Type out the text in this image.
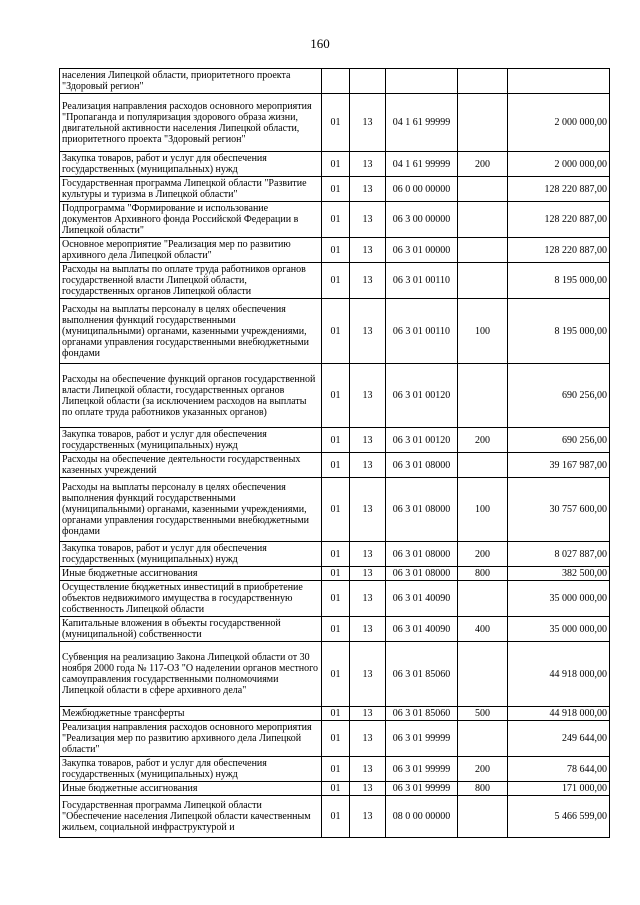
160
населения Липецкой области, приоритетного проекта "Здоровый регион"					
Реализация направления расходов основного мероприятия "Пропаганда и популяризация здорового образа жизни, двигательной активности населения Липецкой области, приоритетного проекта "Здоровый регион"	01	13	04 1 61 99999		2 000 000,00
Закупка товаров, работ и услуг для обеспечения государственных (муниципальных) нужд	01	13	04 1 61 99999	200	2 000 000,00
Государственная программа Липецкой области "Развитие культуры и туризма в Липецкой области"	01	13	06 0 00 00000		128 220 887,00
Подпрограмма "Формирование и использование документов Архивного фонда Российской Федерации в Липецкой области"	01	13	06 3 00 00000		128 220 887,00
Основное мероприятие "Реализация мер по развитию архивного дела Липецкой области"	01	13	06 3 01 00000		128 220 887,00
Расходы на выплаты по оплате труда работников органов государственной власти Липецкой области, государственных органов Липецкой области	01	13	06 3 01 00110		8 195 000,00
Расходы на выплаты персоналу в целях обеспечения выполнения функций государственными (муниципальными) органами, казенными учреждениями, органами управления государственными внебюджетными фондами	01	13	06 3 01 00110	100	8 195 000,00
Расходы на обеспечение функций органов государственной власти Липецкой области, государственных органов Липецкой области (за исключением расходов на выплаты по оплате труда работников указанных органов)	01	13	06 3 01 00120		690 256,00
Закупка товаров, работ и услуг для обеспечения государственных (муниципальных) нужд	01	13	06 3 01 00120	200	690 256,00
Расходы на обеспечение деятельности государственных казенных учреждений	01	13	06 3 01 08000		39 167 987,00
Расходы на выплаты персоналу в целях обеспечения выполнения функций государственными (муниципальными) органами, казенными учреждениями, органами управления государственными внебюджетными фондами	01	13	06 3 01 08000	100	30 757 600,00
Закупка товаров, работ и услуг для обеспечения государственных (муниципальных) нужд	01	13	06 3 01 08000	200	8 027 887,00
Иные бюджетные ассигнования	01	13	06 3 01 08000	800	382 500,00
Осуществление бюджетных инвестиций в приобретение объектов недвижимого имущества в государственную собственность Липецкой области	01	13	06 3 01 40090		35 000 000,00
Капитальные вложения в объекты государственной (муниципальной) собственности	01	13	06 3 01 40090	400	35 000 000,00
Субвенция на реализацию Закона Липецкой области от 30 ноября 2000 года № 117-ОЗ "О наделении органов местного самоуправления государственными полномочиями Липецкой области в сфере архивного дела"	01	13	06 3 01 85060		44 918 000,00
Межбюджетные трансферты	01	13	06 3 01 85060	500	44 918 000,00
Реализация направления расходов основного мероприятия "Реализация мер по развитию архивного дела Липецкой области"	01	13	06 3 01 99999		249 644,00
Закупка товаров, работ и услуг для обеспечения государственных (муниципальных) нужд	01	13	06 3 01 99999	200	78 644,00
Иные бюджетные ассигнования	01	13	06 3 01 99999	800	171 000,00
Государственная программа Липецкой области "Обеспечение населения Липецкой области качественным жильем, социальной инфраструктурой и	01	13	08 0 00 00000		5 466 599,00
